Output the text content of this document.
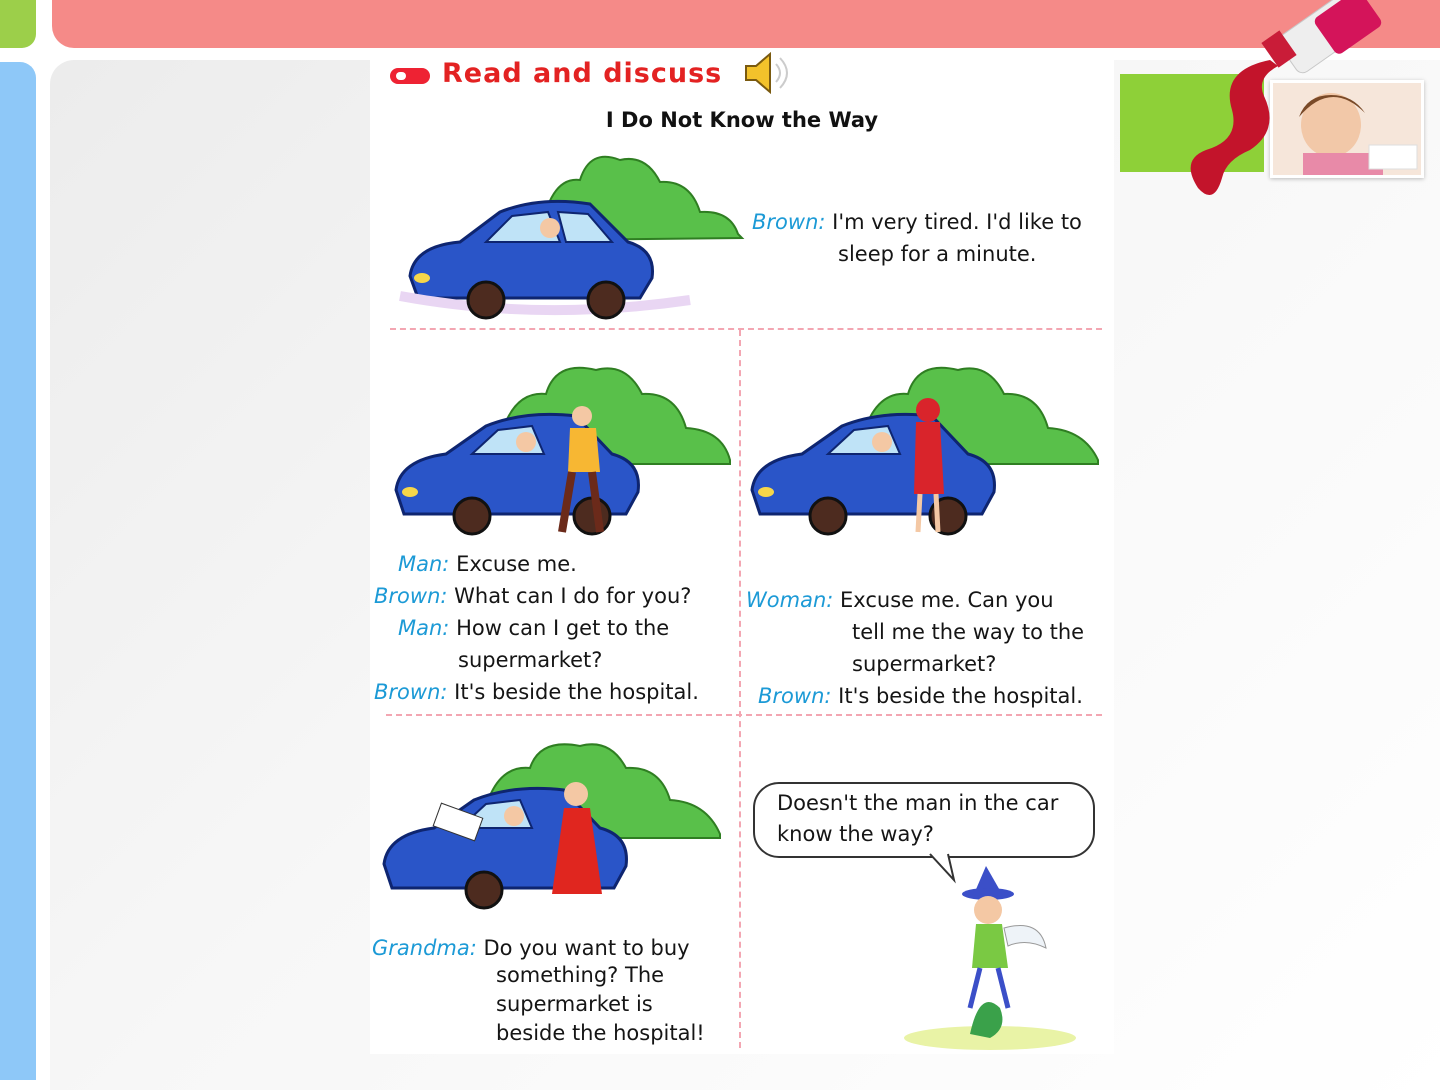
Read and discuss
I Do Not Know the Way
Brown: I'm very tired. I'd like to
sleep for a minute.
Man: Excuse me.
Brown: What can I do for you?
Man: How can I get to the
supermarket?
Brown: It's beside the hospital.
Woman: Excuse me. Can you
tell me the way to the
supermarket?
Brown: It's beside the hospital.
Doesn't the man in the car
know the way?
Grandma: Do you want to buy
something? The
supermarket is
beside the hospital!
